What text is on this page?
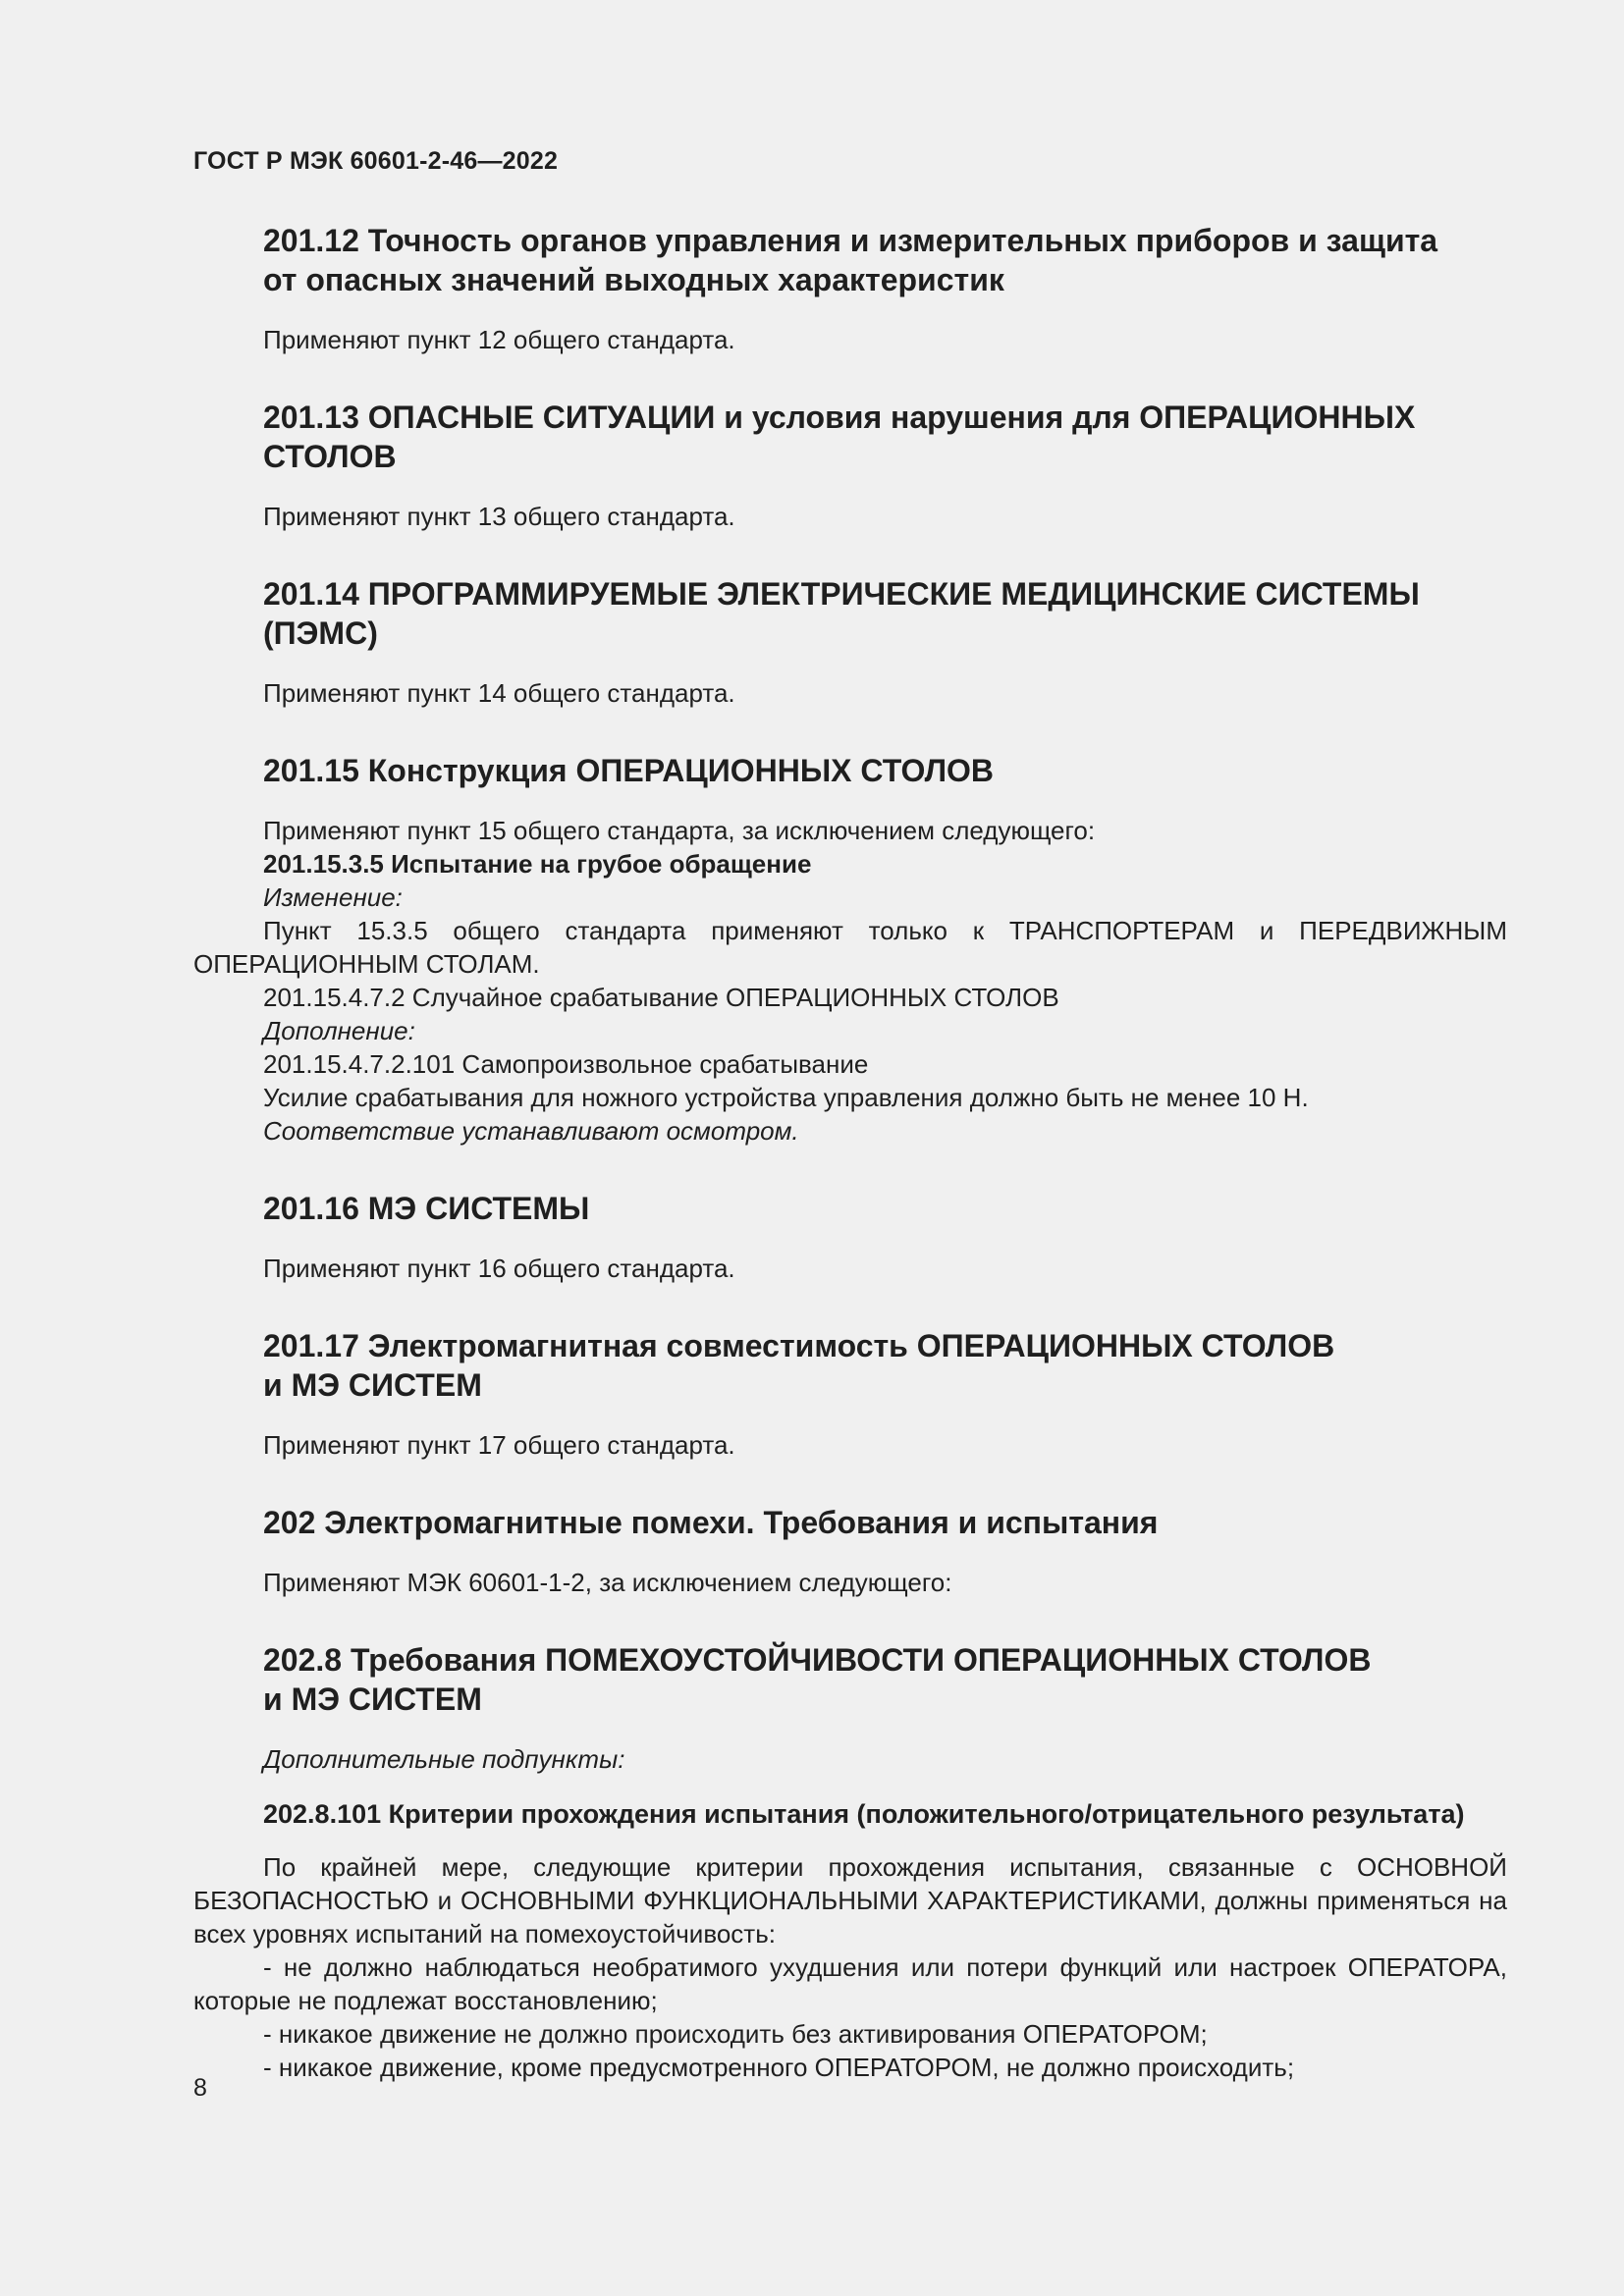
ГОСТ Р МЭК 60601-2-46—2022
201.12 Точность органов управления и измерительных приборов и защита
от опасных значений выходных характеристик

Применяют пункт 12 общего стандарта.

201.13 ОПАСНЫЕ СИТУАЦИИ и условия нарушения для ОПЕРАЦИОННЫХ
СТОЛОВ

Применяют пункт 13 общего стандарта.

201.14 ПРОГРАММИРУЕМЫЕ ЭЛЕКТРИЧЕСКИЕ МЕДИЦИНСКИЕ СИСТЕМЫ
(ПЭМС)

Применяют пункт 14 общего стандарта.

201.15 Конструкция ОПЕРАЦИОННЫХ СТОЛОВ

Применяют пункт 15 общего стандарта, за исключением следующего:

201.15.3.5 Испытание на грубое обращение

Изменение:

Пункт 15.3.5 общего стандарта применяют только к ТРАНСПОРТЕРАМ и ПЕРЕДВИЖНЫМ ОПЕРАЦИОННЫМ СТОЛАМ.

201.15.4.7.2 Случайное срабатывание ОПЕРАЦИОННЫХ СТОЛОВ

Дополнение:

201.15.4.7.2.101 Самопроизвольное срабатывание

Усилие срабатывания для ножного устройства управления должно быть не менее 10 Н.

Соответствие устанавливают осмотром.

201.16 МЭ СИСТЕМЫ

Применяют пункт 16 общего стандарта.

201.17 Электромагнитная совместимость ОПЕРАЦИОННЫХ СТОЛОВ
и МЭ СИСТЕМ

Применяют пункт 17 общего стандарта.

202 Электромагнитные помехи. Требования и испытания

Применяют МЭК 60601-1-2, за исключением следующего:

202.8 Требования ПОМЕХОУСТОЙЧИВОСТИ ОПЕРАЦИОННЫХ СТОЛОВ
и МЭ СИСТЕМ

Дополнительные подпункты:

202.8.101 Критерии прохождения испытания (положительного/отрицательного результата)

По крайней мере, следующие критерии прохождения испытания, связанные с ОСНОВНОЙ БЕЗОПАСНОСТЬЮ и ОСНОВНЫМИ ФУНКЦИОНАЛЬНЫМИ ХАРАКТЕРИСТИКАМИ, должны применяться на всех уровнях испытаний на помехоустойчивость:

- не должно наблюдаться необратимого ухудшения или потери функций или настроек ОПЕРАТОРА, которые не подлежат восстановлению;

- никакое движение не должно происходить без активирования ОПЕРАТОРОМ;

- никакое движение, кроме предусмотренного ОПЕРАТОРОМ, не должно происходить;

8
